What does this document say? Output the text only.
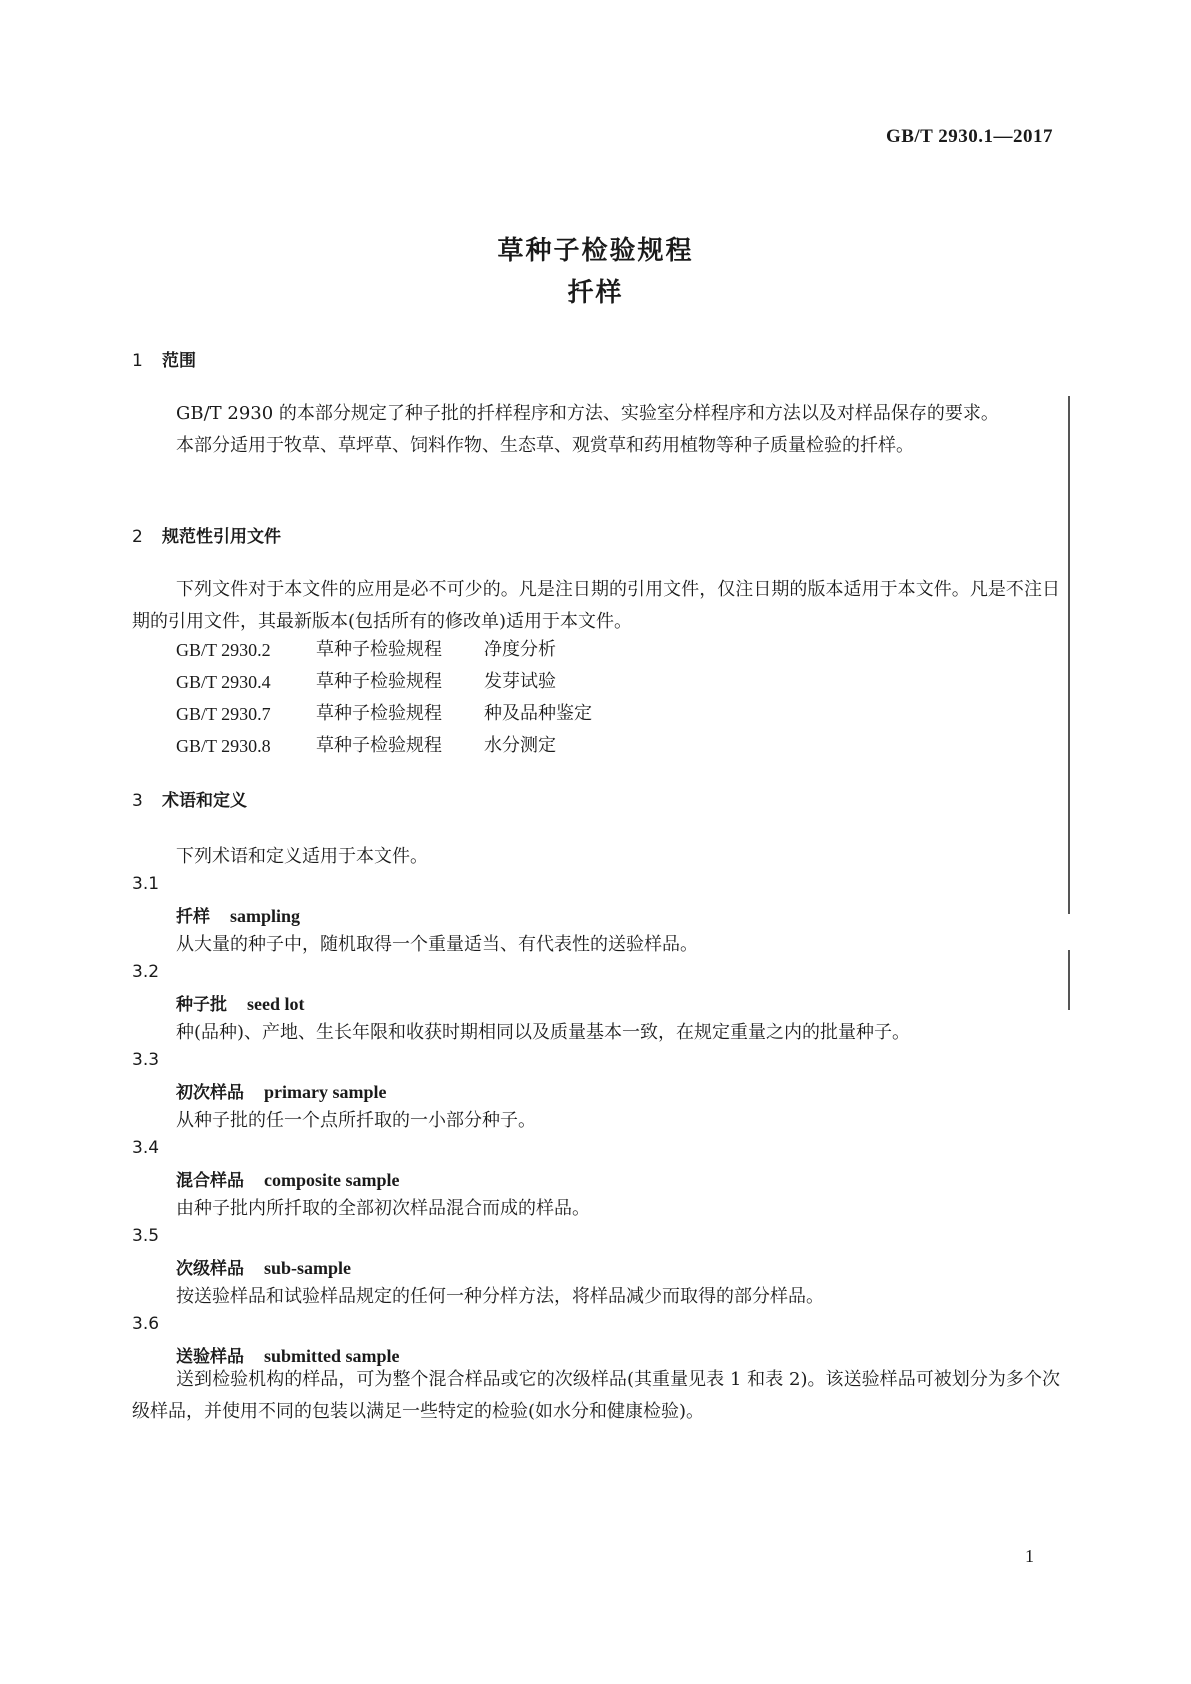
GB/T 2930.1—2017
草种子检验规程
扦样
1 范围

GB/T 2930 的本部分规定了种子批的扦样程序和方法、实验室分样程序和方法以及对样品保存的要求。

本部分适用于牧草、草坪草、饲料作物、生态草、观赏草和药用植物等种子质量检验的扦样。

2 规范性引用文件

下列文件对于本文件的应用是必不可少的。凡是注日期的引用文件，仅注日期的版本适用于本文件。凡是不注日期的引用文件，其最新版本(包括所有的修改单)适用于本文件。

GB/T 2930.2	草种子检验规程	净度分析
GB/T 2930.4	草种子检验规程	发芽试验
GB/T 2930.7	草种子检验规程	种及品种鉴定
GB/T 2930.8	草种子检验规程	水分测定
3 术语和定义
下列术语和定义适用于本文件。
3.1
扦样 sampling
从大量的种子中，随机取得一个重量适当、有代表性的送验样品。
3.2
种子批 seed lot
种(品种)、产地、生长年限和收获时期相同以及质量基本一致，在规定重量之内的批量种子。
3.3
初次样品 primary sample
从种子批的任一个点所扦取的一小部分种子。
3.4
混合样品 composite sample
由种子批内所扦取的全部初次样品混合而成的样品。
3.5
次级样品 sub-sample
按送验样品和试验样品规定的任何一种分样方法，将样品减少而取得的部分样品。
3.6
送验样品 submitted sample

送到检验机构的样品，可为整个混合样品或它的次级样品(其重量见表 1 和表 2)。该送验样品可被划分为多个次级样品，并使用不同的包装以满足一些特定的检验(如水分和健康检验)。

1
